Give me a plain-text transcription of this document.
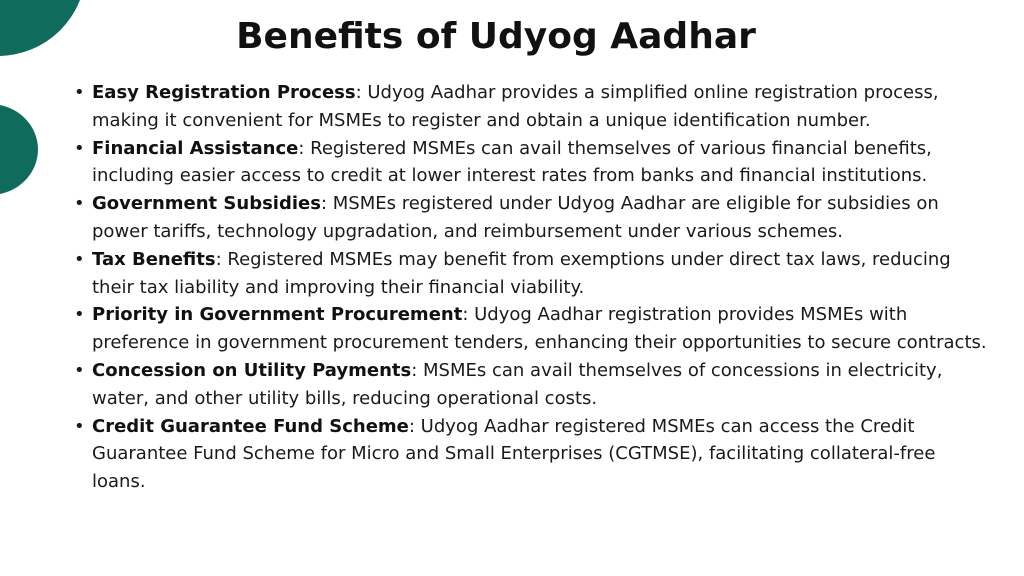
Benefits of Udyog Aadhar
• Easy Registration Process: Udyog Aadhar provides a simplified online registration process, making it convenient for MSMEs to register and obtain a unique identification number.
• Financial Assistance: Registered MSMEs can avail themselves of various financial benefits, including easier access to credit at lower interest rates from banks and financial institutions.
• Government Subsidies: MSMEs registered under Udyog Aadhar are eligible for subsidies on power tariffs, technology upgradation, and reimbursement under various schemes.
• Tax Benefits: Registered MSMEs may benefit from exemptions under direct tax laws, reducing their tax liability and improving their financial viability.
• Priority in Government Procurement: Udyog Aadhar registration provides MSMEs with preference in government procurement tenders, enhancing their opportunities to secure contracts.
• Concession on Utility Payments: MSMEs can avail themselves of concessions in electricity, water, and other utility bills, reducing operational costs.
• Credit Guarantee Fund Scheme: Udyog Aadhar registered MSMEs can access the Credit Guarantee Fund Scheme for Micro and Small Enterprises (CGTMSE), facilitating collateral-free loans.
